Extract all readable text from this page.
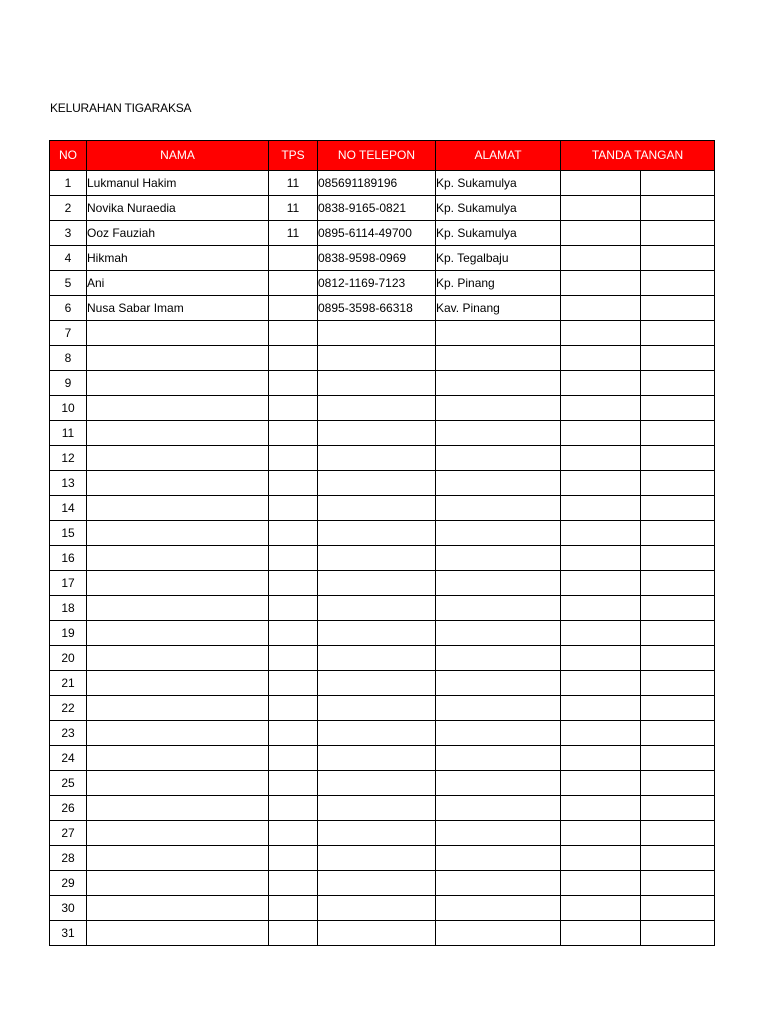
KELURAHAN TIGARAKSA
NO	NAMA	TPS	NO TELEPON	ALAMAT	TANDA TANGAN	
1	Lukmanul Hakim	11	085691189196	Kp. Sukamulya		
2	Novika Nuraedia	11	0838-9165-0821	Kp. Sukamulya		
3	Ooz Fauziah	11	0895-6114-49700	Kp. Sukamulya		
4	Hikmah		0838-9598-0969	Kp. Tegalbaju		
5	Ani		0812-1169-7123	Kp. Pinang		
6	Nusa Sabar Imam		0895-3598-66318	Kav. Pinang		
7						
8						
9						
10						
11						
12						
13						
14						
15						
16						
17						
18						
19						
20						
21						
22						
23						
24						
25						
26						
27						
28						
29						
30						
31						
